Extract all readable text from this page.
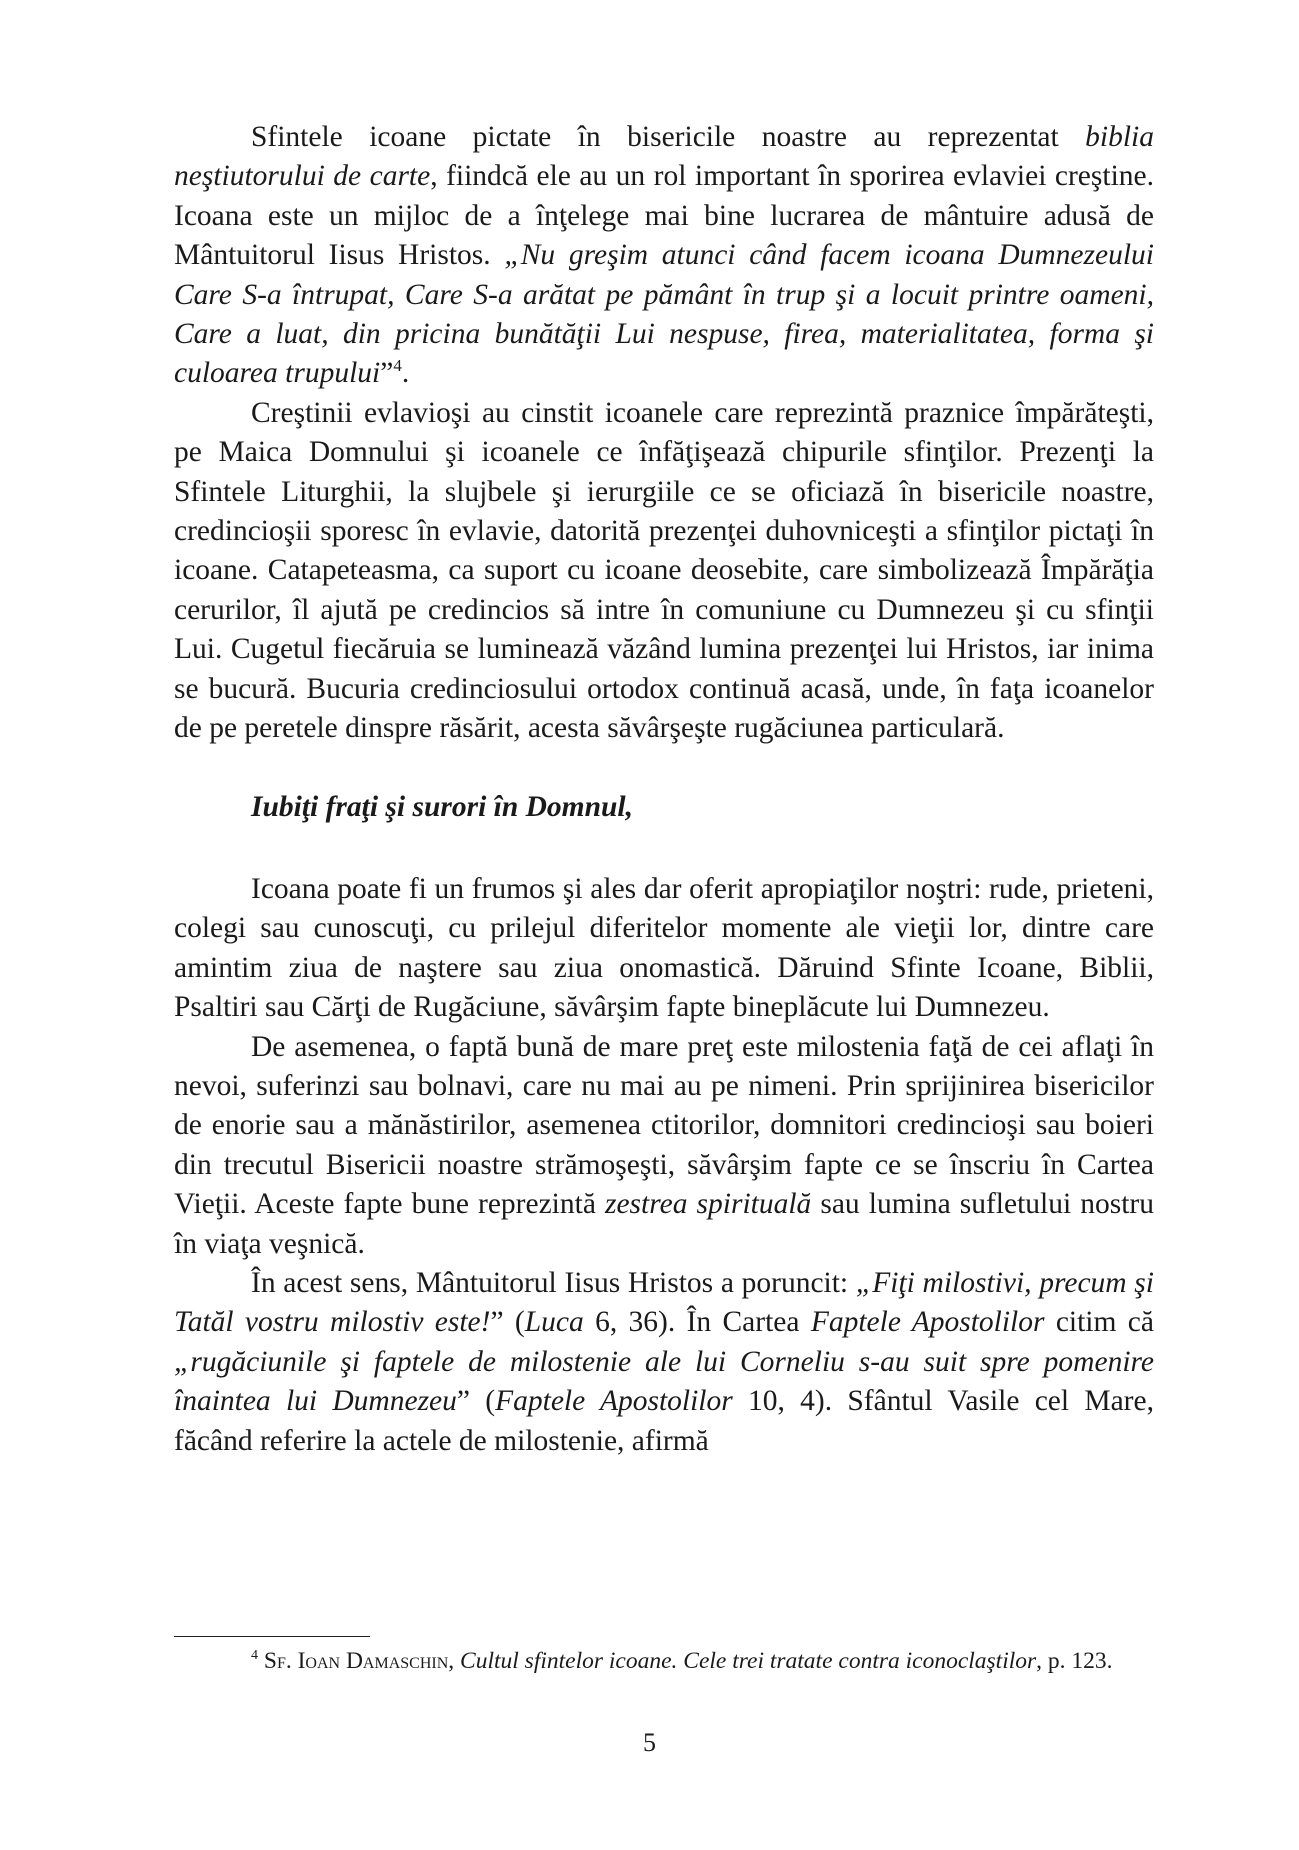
Sfintele icoane pictate în bisericile noastre au reprezentat biblia neştiutorului de carte, fiindcă ele au un rol important în sporirea evlaviei creştine. Icoana este un mijloc de a înţelege mai bine lucrarea de mântuire adusă de Mântuitorul Iisus Hristos. „Nu greşim atunci când facem icoana Dumnezeului Care S-a întrupat, Care S-a arătat pe pământ în trup şi a locuit printre oameni, Care a luat, din pricina bunătăţii Lui nespuse, firea, materialitatea, forma şi culoarea trupului”$^4$.

Creştinii evlavioşi au cinstit icoanele care reprezintă praznice împărăteşti, pe Maica Domnului şi icoanele ce înfăţişează chipurile sfinţilor. Prezenţi la Sfintele Liturghii, la slujbele şi ierurgiile ce se oficiază în bisericile noastre, credincioşii sporesc în evlavie, datorită prezenţei duhovniceşti a sfinţilor pictaţi în icoane. Catapeteasma, ca suport cu icoane deosebite, care simbolizează Împărăţia cerurilor, îl ajută pe credincios să intre în comuniune cu Dumnezeu şi cu sfinţii Lui. Cugetul fiecăruia se luminează văzând lumina prezenţei lui Hristos, iar inima se bucură. Bucuria credinciosului ortodox continuă acasă, unde, în faţa icoanelor de pe peretele dinspre răsărit, acesta săvârşeşte rugăciunea particulară.

Iubiţi fraţi şi surori în Domnul,

Icoana poate fi un frumos şi ales dar oferit apropiaţilor noştri: rude, prieteni, colegi sau cunoscuţi, cu prilejul diferitelor momente ale vieţii lor, dintre care amintim ziua de naştere sau ziua onomastică. Dăruind Sfinte Icoane, Biblii, Psaltiri sau Cărţi de Rugăciune, săvârşim fapte bineplăcute lui Dumnezeu.

De asemenea, o faptă bună de mare preţ este milostenia faţă de cei aflaţi în nevoi, suferinzi sau bolnavi, care nu mai au pe nimeni. Prin sprijinirea bisericilor de enorie sau a mănăstirilor, asemenea ctitorilor, domnitori credincioşi sau boieri din trecutul Bisericii noastre strămoşeşti, săvârşim fapte ce se înscriu în Cartea Vieţii. Aceste fapte bune reprezintă zestrea spirituală sau lumina sufletului nostru în viaţa veşnică.

În acest sens, Mântuitorul Iisus Hristos a poruncit: „Fiţi milostivi, precum şi Tatăl vostru milostiv este!” (Luca 6, 36). În Cartea Faptele Apostolilor citim că „rugăciunile şi faptele de milostenie ale lui Corneliu s-au suit spre pomenire înaintea lui Dumnezeu” (Faptele Apostolilor 10, 4). Sfântul Vasile cel Mare, făcând referire la actele de milostenie, afirmă

$^4$ Sf. Ioan Damaschin, Cultul sfintelor icoane. Cele trei tratate contra iconoclaştilor, p. 123.

5
